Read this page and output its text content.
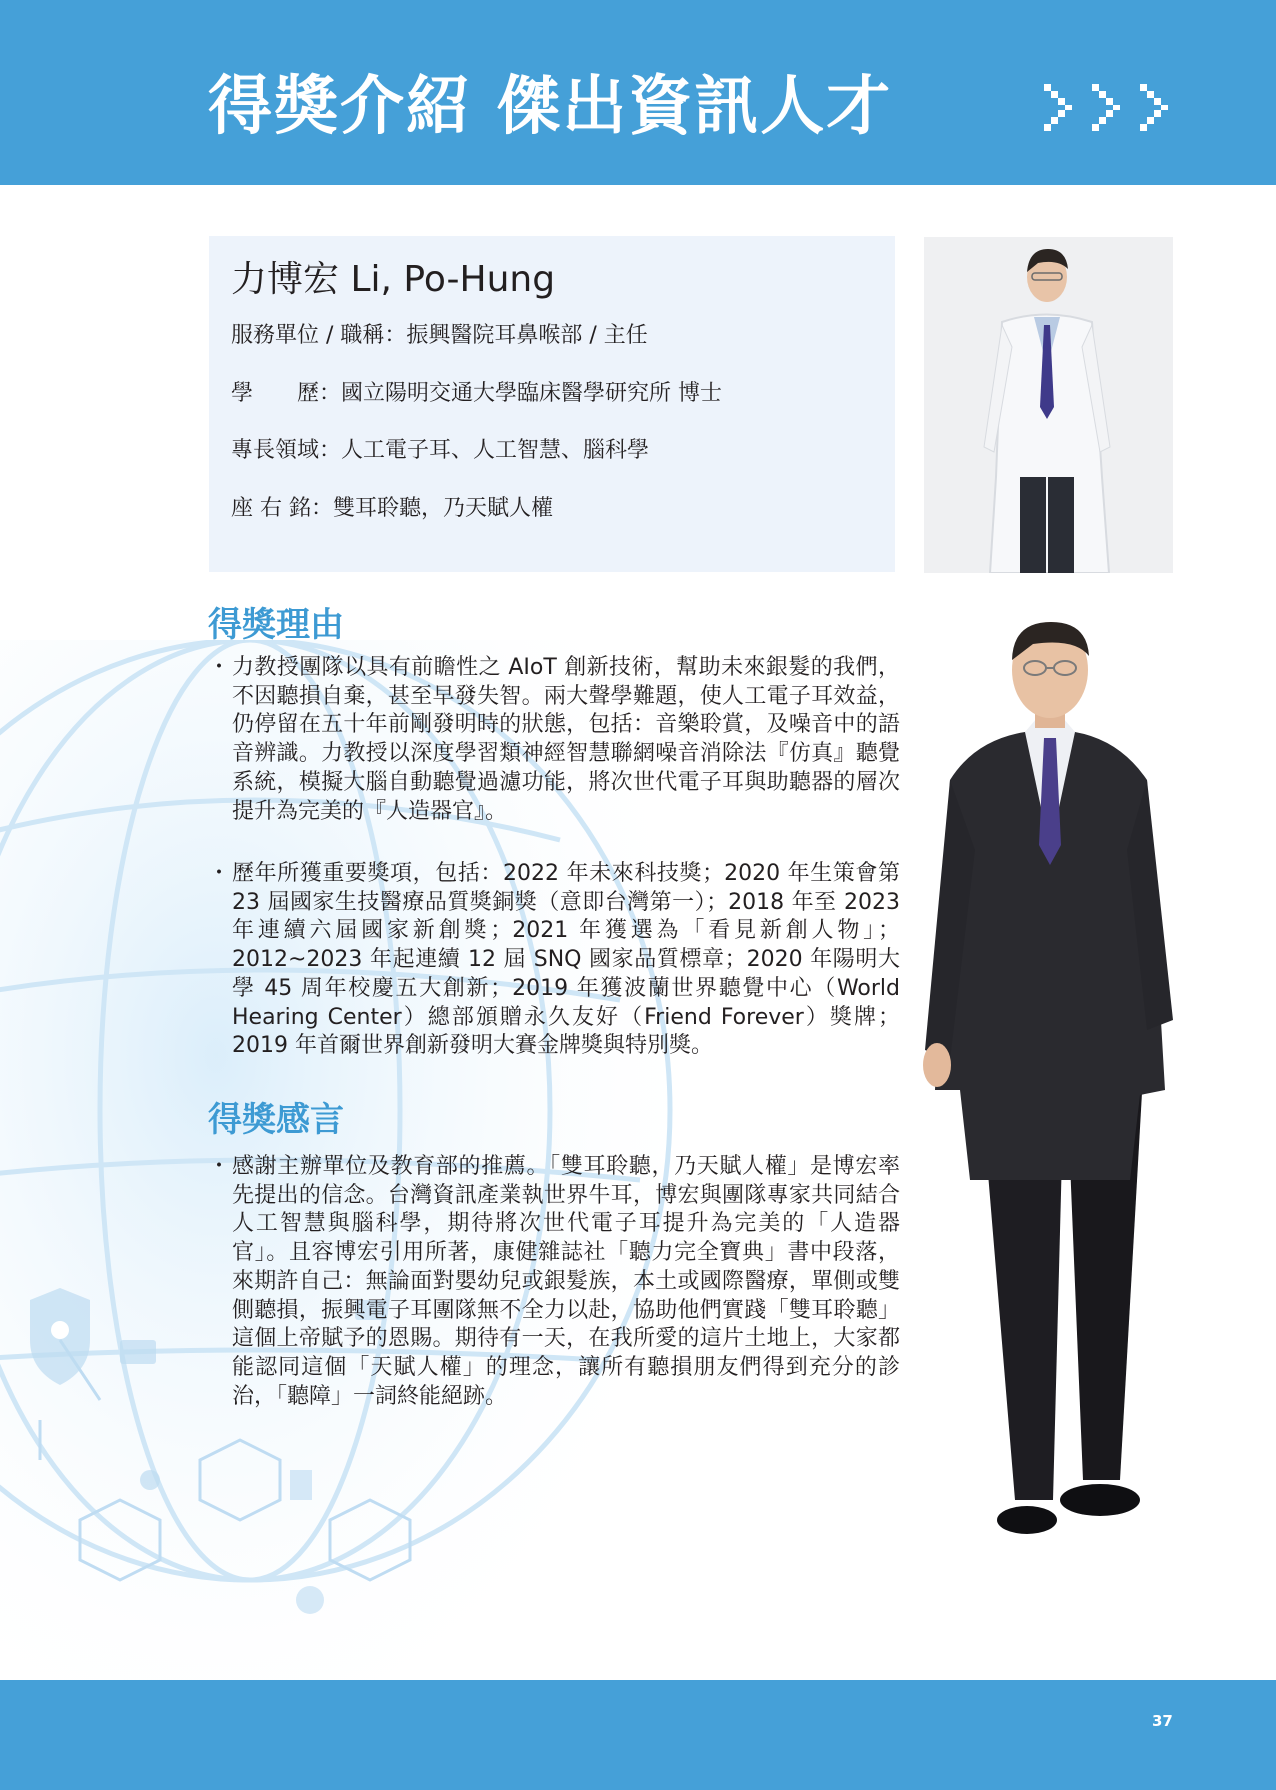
得獎介紹 傑出資訊人才
力博宏 Li, Po-Hung
服務單位 / 職稱：振興醫院耳鼻喉部 / 主任
學　　歷：國立陽明交通大學臨床醫學研究所 博士
專長領域：人工電子耳、人工智慧、腦科學
座 右 銘：雙耳聆聽，乃天賦人權
得獎理由
・ 力教授團隊以具有前瞻性之 AIoT 創新技術，幫助未來銀髮的我們，不因聽損自棄，甚至早發失智。兩大聲學難題，使人工電子耳效益，仍停留在五十年前剛發明時的狀態，包括：音樂聆賞，及噪音中的語音辨識。力教授以深度學習類神經智慧聯網噪音消除法『仿真』聽覺系統，模擬大腦自動聽覺過濾功能，將次世代電子耳與助聽器的層次提升為完美的『人造器官』。
・ 歷年所獲重要獎項，包括：2022 年未來科技獎；2020 年生策會第 23 屆國家生技醫療品質獎銅獎（意即台灣第一）；2018 年至 2023 年連續六屆國家新創獎；2021 年獲選為「看見新創人物」；2012~2023 年起連續 12 屆 SNQ 國家品質標章；2020 年陽明大學 45 周年校慶五大創新；2019 年獲波蘭世界聽覺中心（World Hearing Center）總部頒贈永久友好（Friend Forever）獎牌；2019 年首爾世界創新發明大賽金牌獎與特別獎。
得獎感言
・ 感謝主辦單位及教育部的推薦。「雙耳聆聽，乃天賦人權」是博宏率先提出的信念。台灣資訊產業執世界牛耳，博宏與團隊專家共同結合人工智慧與腦科學，期待將次世代電子耳提升為完美的「人造器官」。且容博宏引用所著，康健雜誌社「聽力完全寶典」書中段落，來期許自己：無論面對嬰幼兒或銀髮族，本土或國際醫療，單側或雙側聽損，振興電子耳團隊無不全力以赴，協助他們實踐「雙耳聆聽」這個上帝賦予的恩賜。期待有一天，在我所愛的這片土地上，大家都能認同這個「天賦人權」的理念，讓所有聽損朋友們得到充分的診治，「聽障」一詞終能絕跡。
37
